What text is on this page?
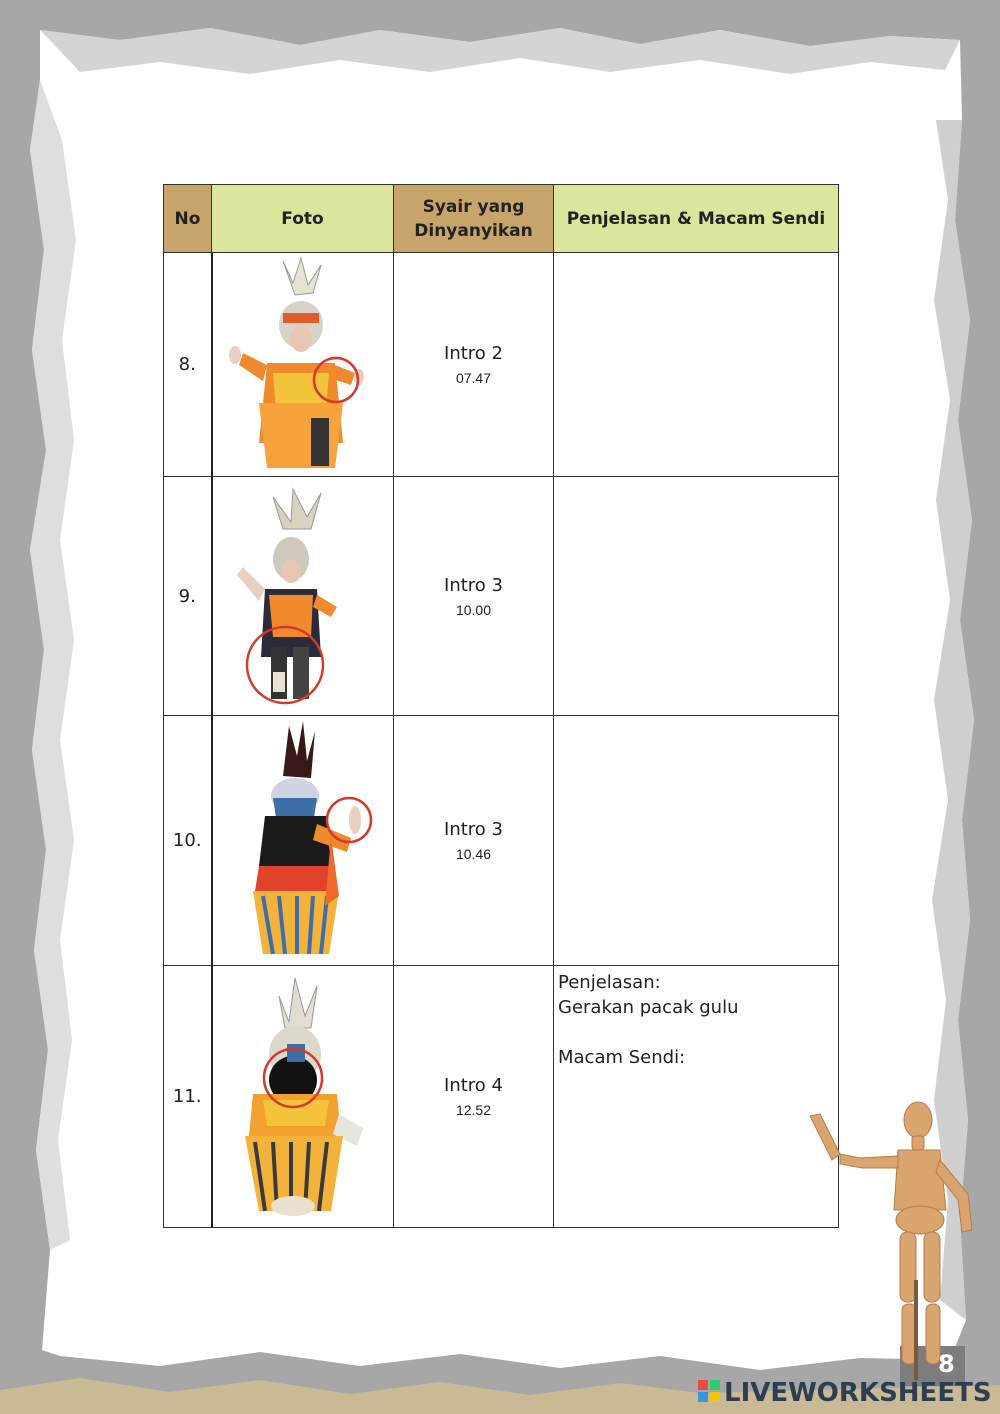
No	Foto	Syair yang Dinyanyikan	Penjelasan & Macam Sendi
8.		Intro 2
07.47	

9.		Intro 3
10.00	

10.		Intro 3
10.46	

11.		Intro 4
12.52	Penjelasan:
Gerakan pacak gulu

Macam Sendi:
8
LIVEWORKSHEETS
